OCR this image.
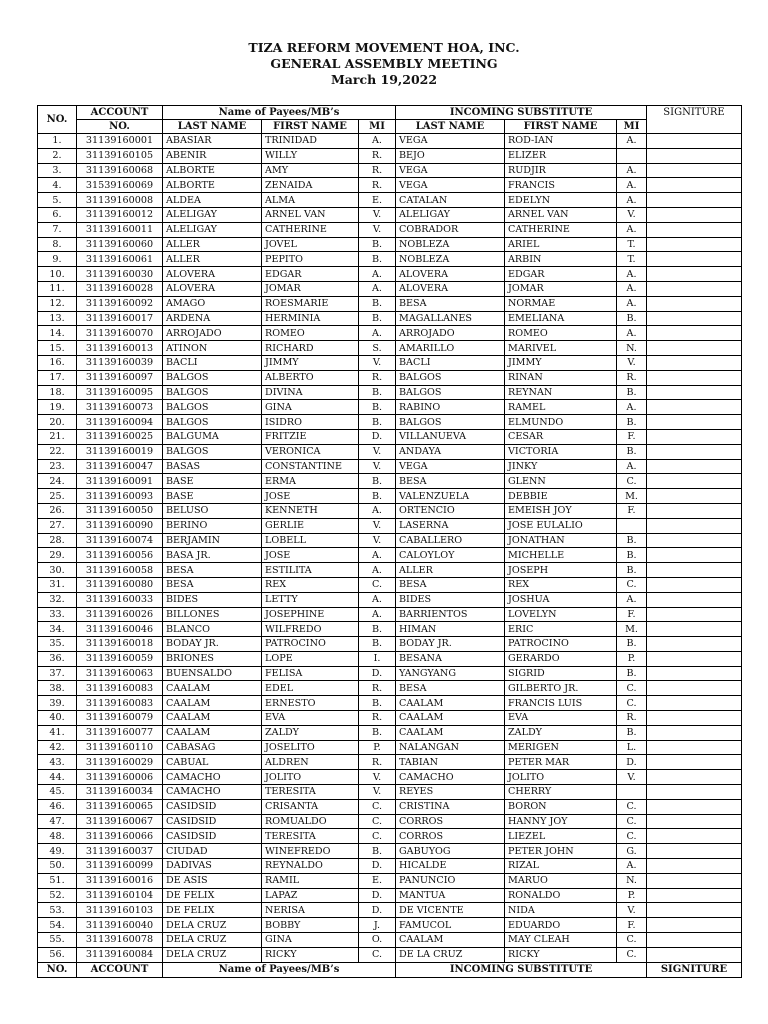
TIZA REFORM MOVEMENT HOA, INC.
GENERAL ASSEMBLY MEETING
March 19,2022
NO.	ACCOUNT	Name of Payees/MB’s			INCOMING SUBSTITUTE			SIGNITURE
	NO.	LAST NAME	FIRST NAME	MI	LAST NAME	FIRST NAME	MI	
1.	31139160001	ABASIAR	TRINIDAD	A.	VEGA	ROD-IAN	A.	
2.	31139160105	ABENIR	WILLY	R.	BEJO	ELIZER		
3.	31139160068	ALBORTE	AMY	R.	VEGA	RUDJIR	A.	
4.	31539160069	ALBORTE	ZENAIDA	R.	VEGA	FRANCIS	A.	
5.	31139160008	ALDEA	ALMA	E.	CATALAN	EDELYN	A.	
6.	31139160012	ALELIGAY	ARNEL VAN	V.	ALELIGAY	ARNEL VAN	V.	
7.	31139160011	ALELIGAY	CATHERINE	V.	COBRADOR	CATHERINE	A.	
8.	31139160060	ALLER	JOVEL	B.	NOBLEZA	ARIEL	T.	
9.	31139160061	ALLER	PEPITO	B.	NOBLEZA	ARBIN	T.	
10.	31139160030	ALOVERA	EDGAR	A.	ALOVERA	EDGAR	A.	
11.	31139160028	ALOVERA	JOMAR	A.	ALOVERA	JOMAR	A.	
12.	31139160092	AMAGO	ROESMARIE	B.	BESA	NORMAE	A.	
13.	31139160017	ARDENA	HERMINIA	B.	MAGALLANES	EMELIANA	B.	
14.	31139160070	ARROJADO	ROMEO	A.	ARROJADO	ROMEO	A.	
15.	31139160013	ATINON	RICHARD	S.	AMARILLO	MARIVEL	N.	
16.	31139160039	BACLI	JIMMY	V.	BACLI	JIMMY	V.	
17.	31139160097	BALGOS	ALBERTO	R.	BALGOS	RINAN	R.	
18.	31139160095	BALGOS	DIVINA	B.	BALGOS	REYNAN	B.	
19.	31139160073	BALGOS	GINA	B.	RABINO	RAMEL	A.	
20.	31139160094	BALGOS	ISIDRO	B.	BALGOS	ELMUNDO	B.	
21.	31139160025	BALGUMA	FRITZIE	D.	VILLANUEVA	CESAR	F.	
22.	31139160019	BALGOS	VERONICA	V.	ANDAYA	VICTORIA	B.	
23.	31139160047	BASAS	CONSTANTINE	V.	VEGA	JINKY	A.	
24.	31139160091	BASE	ERMA	B.	BESA	GLENN	C.	
25.	31139160093	BASE	JOSE	B.	VALENZUELA	DEBBIE	M.	
26.	31139160050	BELUSO	KENNETH	A.	ORTENCIO	EMEISH JOY	F.	
27.	31139160090	BERINO	GERLIE	V.	LASERNA	JOSE EULALIO		
28.	31139160074	BERJAMIN	LOBELL	V.	CABALLERO	JONATHAN	B.	
29.	31139160056	BASA JR.	JOSE	A.	CALOYLOY	MICHELLE	B.	
30.	31139160058	BESA	ESTILITA	A.	ALLER	JOSEPH	B.	
31.	31139160080	BESA	REX	C.	BESA	REX	C.	
32.	31139160033	BIDES	LETTY	A.	BIDES	JOSHUA	A.	
33.	31139160026	BILLONES	JOSEPHINE	A.	BARRIENTOS	LOVELYN	F.	
34.	31139160046	BLANCO	WILFREDO	B.	HIMAN	ERIC	M.	
35.	31139160018	BODAY JR.	PATROCINO	B.	BODAY JR.	PATROCINO	B.	
36.	31139160059	BRIONES	LOPE	I.	BESANA	GERARDO	P.	
37.	31139160063	BUENSALDO	FELISA	D.	YANGYANG	SIGRID	B.	
38.	31139160083	CAALAM	EDEL	R.	BESA	GILBERTO JR.	C.	
39.	31139160083	CAALAM	ERNESTO	B.	CAALAM	FRANCIS LUIS	C.	
40.	31139160079	CAALAM	EVA	R.	CAALAM	EVA	R.	
41.	31139160077	CAALAM	ZALDY	B.	CAALAM	ZALDY	B.	
42.	31139160110	CABASAG	JOSELITO	P.	NALANGAN	MERIGEN	L.	
43.	31139160029	CABUAL	ALDREN	R.	TABIAN	PETER MAR	D.	
44.	31139160006	CAMACHO	JOLITO	V.	CAMACHO	JOLITO	V.	
45.	31139160034	CAMACHO	TERESITA	V.	REYES	CHERRY		
46.	31139160065	CASIDSID	CRISANTA	C.	CRISTINA	BORON	C.	
47.	31139160067	CASIDSID	ROMUALDO	C.	CORROS	HANNY JOY	C.	
48.	31139160066	CASIDSID	TERESITA	C.	CORROS	LIEZEL	C.	
49.	31139160037	CIUDAD	WINEFREDO	B.	GABUYOG	PETER JOHN	G.	
50.	31139160099	DADIVAS	REYNALDO	D.	HICALDE	RIZAL	A.	
51.	31139160016	DE ASIS	RAMIL	E.	PANUNCIO	MARUO	N.	
52.	31139160104	DE FELIX	LAPAZ	D.	MANTUA	RONALDO	P.	
53.	31139160103	DE FELIX	NERISA	D.	DE VICENTE	NIDA	V.	
54.	31139160040	DELA CRUZ	BOBBY	J.	FAMUCOL	EDUARDO	F.	
55.	31139160078	DELA CRUZ	GINA	O.	CAALAM	MAY CLEAH	C.	
56.	31139160084	DELA CRUZ	RICKY	C.	DE LA CRUZ	RICKY	C.	
NO.	ACCOUNT	Name of Payees/MB’s			INCOMING SUBSTITUTE			SIGNITURE
